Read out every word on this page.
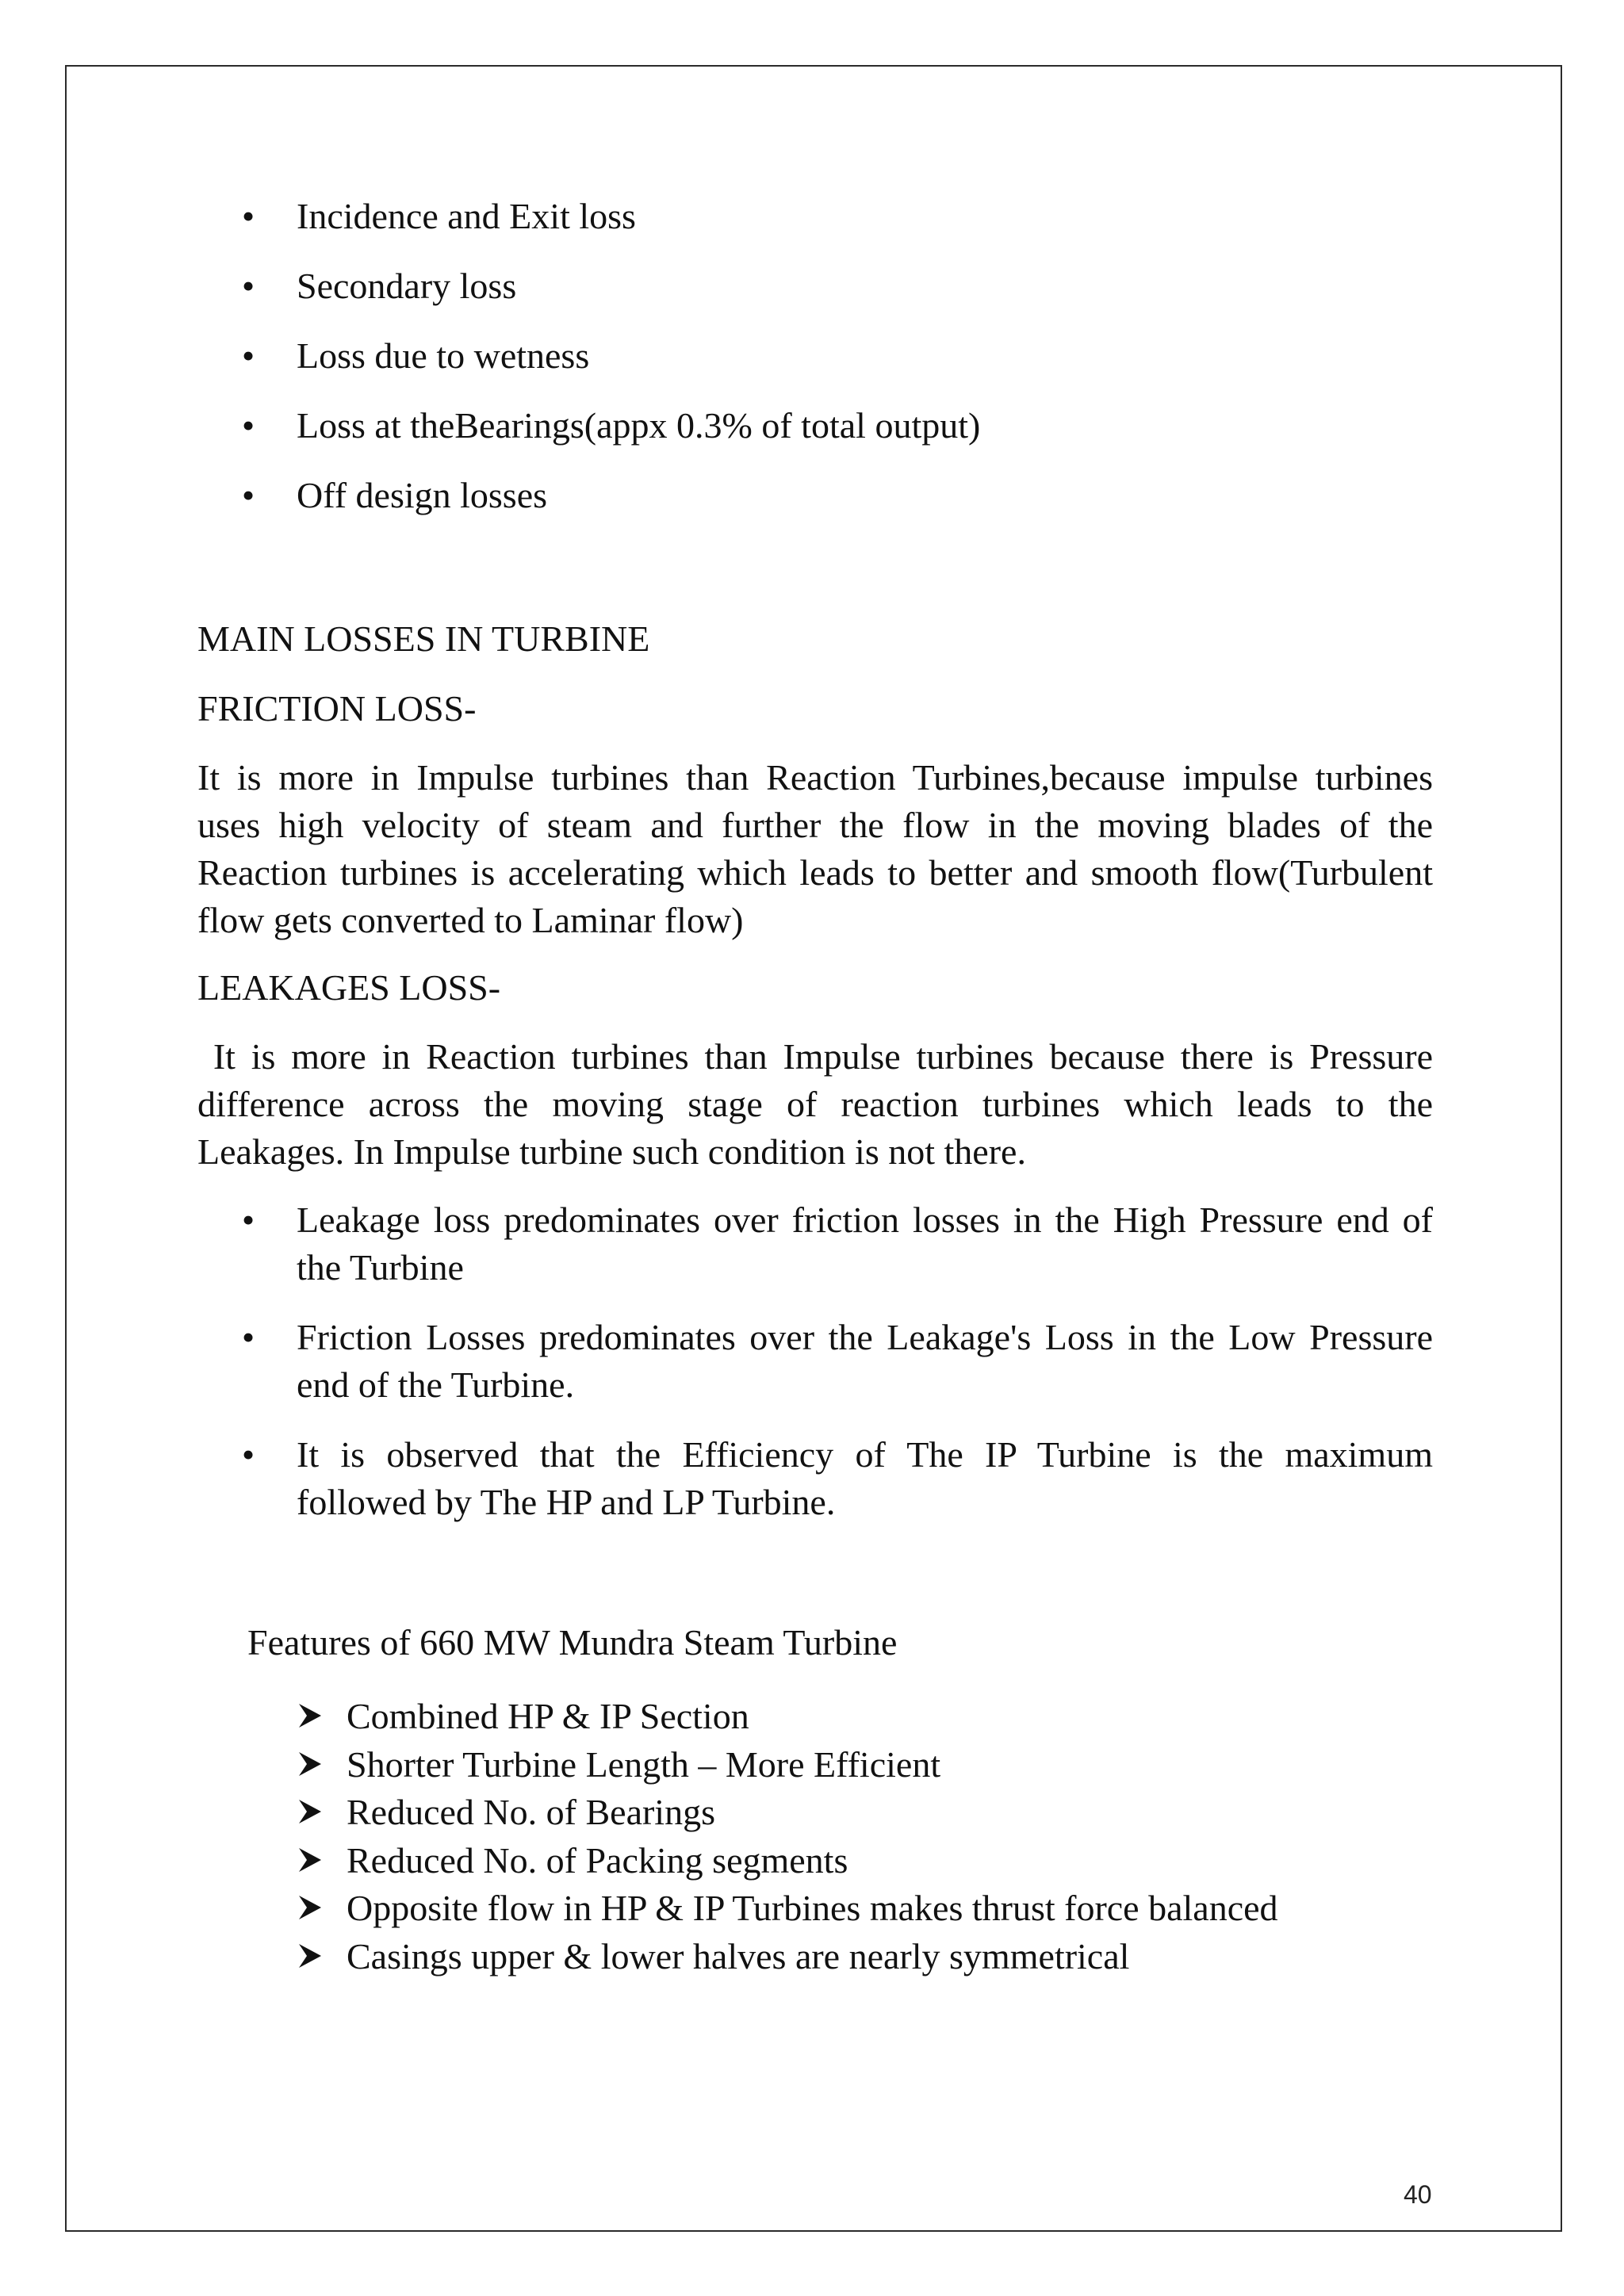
•	Incidence and Exit loss
•	Secondary loss
•	Loss due to wetness
•	Loss at theBearings(appx 0.3% of total output)
•	Off design losses
MAIN LOSSES IN TURBINE
FRICTION LOSS-
It is more in Impulse turbines than Reaction Turbines,because impulse turbines
uses high velocity of steam and further the flow in the moving blades of the
Reaction turbines is accelerating which leads to better and smooth flow(Turbulent
flow gets converted to Laminar flow)
LEAKAGES LOSS-
It is more in Reaction turbines than Impulse turbines because there is Pressure
difference across the moving stage of reaction turbines which leads to the
Leakages. In Impulse turbine such condition is not there.
•	Leakage loss predominates over friction losses in the High Pressure end of
the Turbine
•	Friction Losses predominates over the Leakage's Loss in the Low Pressure
end of the Turbine.
•	It is observed that the Efficiency of The IP Turbine is the maximum
followed by The HP and LP Turbine.
Features of 660 MW Mundra Steam Turbine
Combined HP & IP Section
Shorter Turbine Length – More Efficient
Reduced No. of Bearings
Reduced No. of Packing segments
Opposite flow in HP & IP Turbines makes thrust force balanced
Casings upper & lower halves are nearly symmetrical
40
